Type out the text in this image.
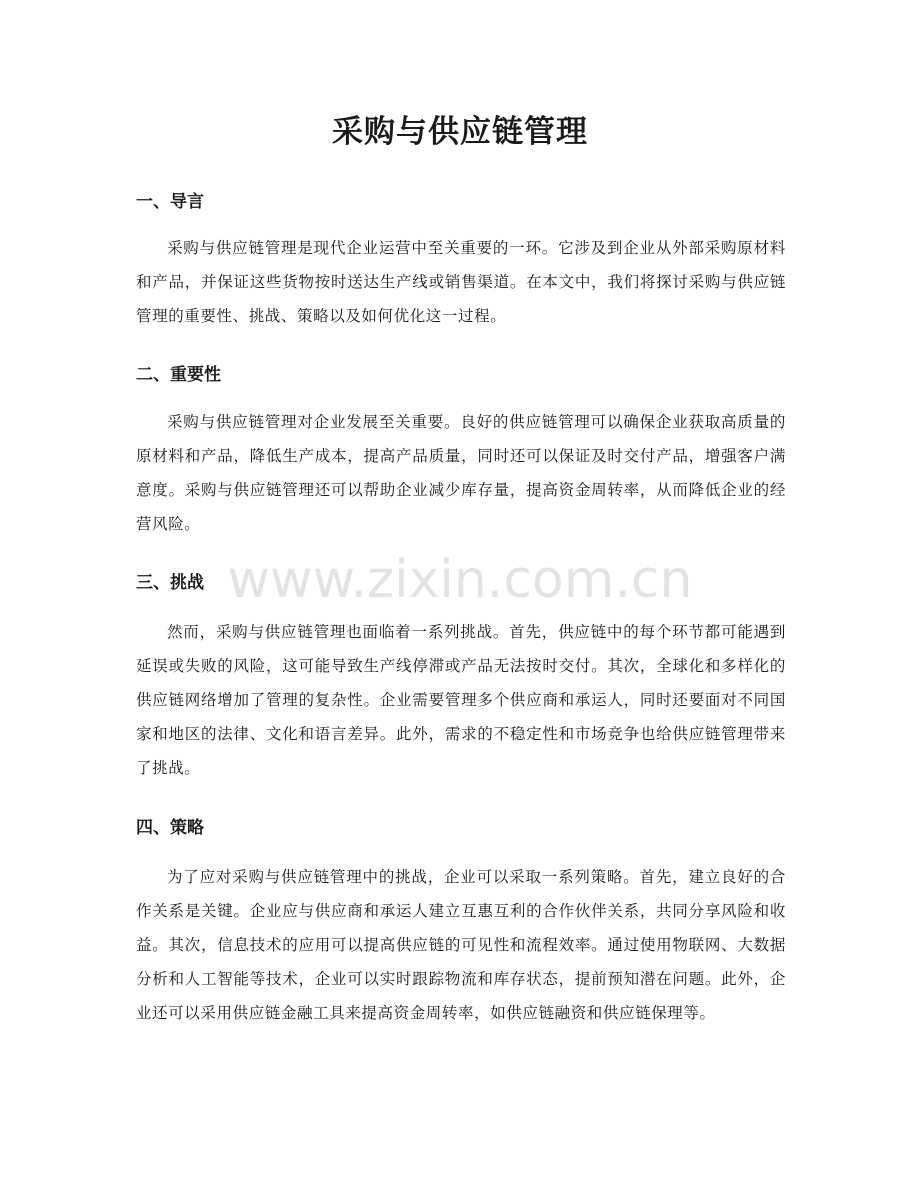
采购与供应链管理
一、导言

采购与供应链管理是现代企业运营中至关重要的一环。它涉及到企业从外部采购原材料和产品，并保证这些货物按时送达生产线或销售渠道。在本文中，我们将探讨采购与供应链管理的重要性、挑战、策略以及如何优化这一过程。

二、重要性

采购与供应链管理对企业发展至关重要。良好的供应链管理可以确保企业获取高质量的原材料和产品，降低生产成本，提高产品质量，同时还可以保证及时交付产品，增强客户满意度。采购与供应链管理还可以帮助企业减少库存量，提高资金周转率，从而降低企业的经营风险。

三、挑战

然而，采购与供应链管理也面临着一系列挑战。首先，供应链中的每个环节都可能遇到延误或失败的风险，这可能导致生产线停滞或产品无法按时交付。其次，全球化和多样化的供应链网络增加了管理的复杂性。企业需要管理多个供应商和承运人，同时还要面对不同国家和地区的法律、文化和语言差异。此外，需求的不稳定性和市场竞争也给供应链管理带来了挑战。

四、策略

为了应对采购与供应链管理中的挑战，企业可以采取一系列策略。首先，建立良好的合作关系是关键。企业应与供应商和承运人建立互惠互利的合作伙伴关系，共同分享风险和收益。其次，信息技术的应用可以提高供应链的可见性和流程效率。通过使用物联网、大数据分析和人工智能等技术，企业可以实时跟踪物流和库存状态，提前预知潜在问题。此外，企业还可以采用供应链金融工具来提高资金周转率，如供应链融资和供应链保理等。

www.zixin.com.cn
